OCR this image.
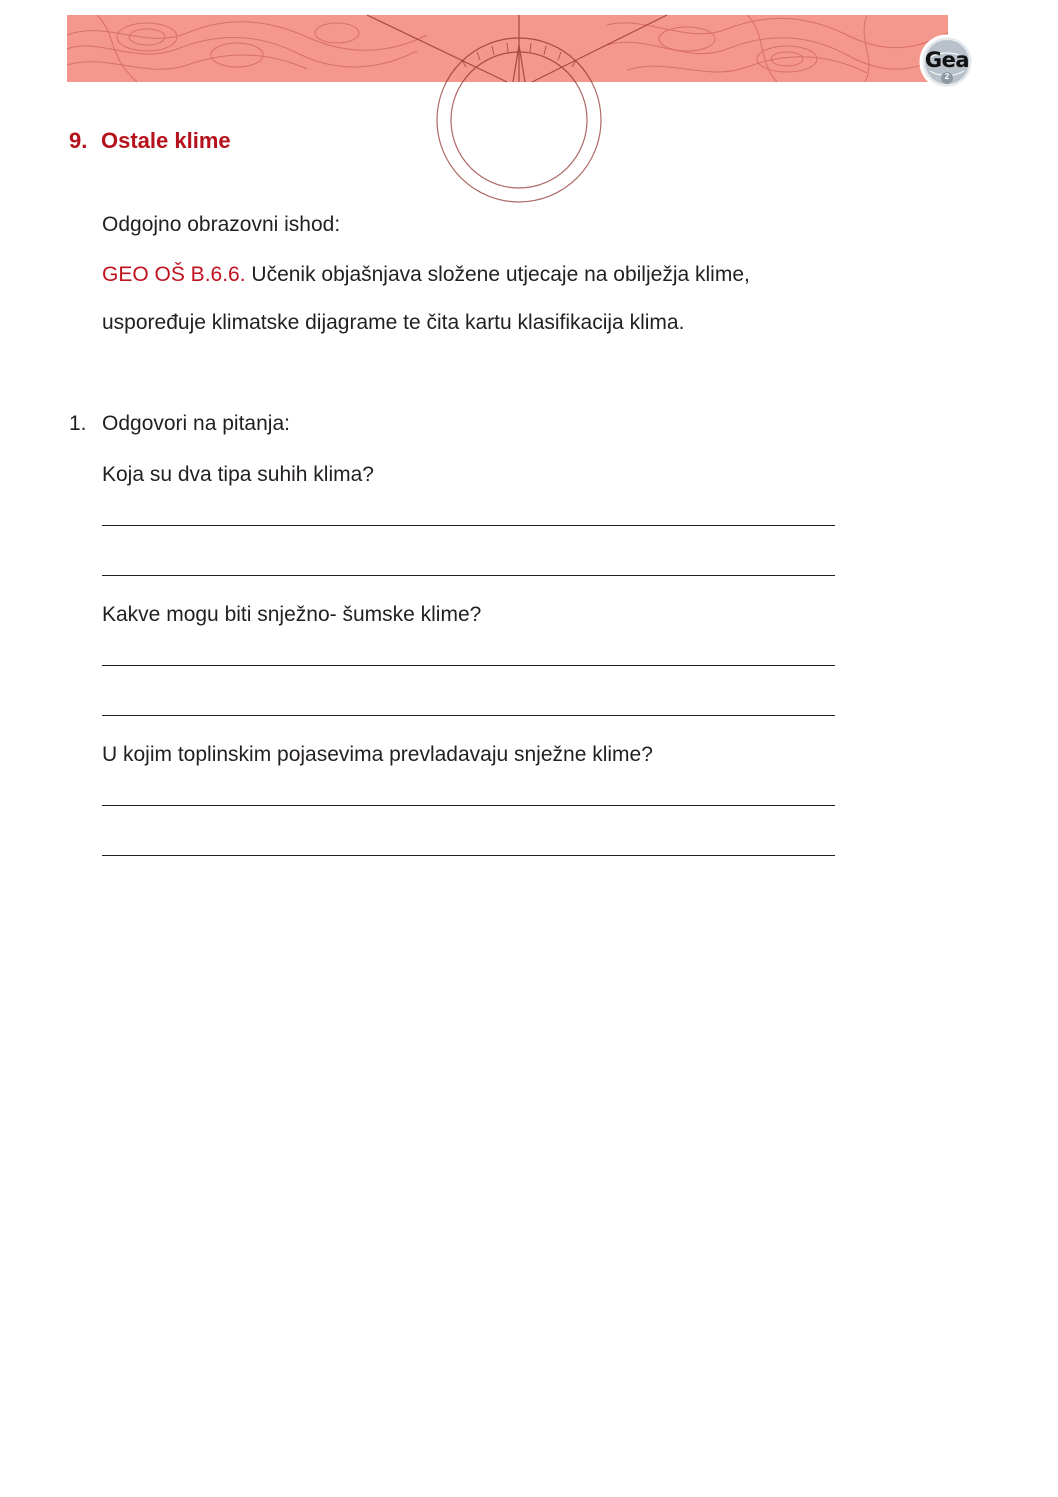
Gea
2
9. Ostale klime
Odgojno obrazovni ishod:
GEO OŠ B.6.6. Učenik objašnjava složene utjecaje na obilježja klime,
uspoređuje klimatske dijagrame te čita kartu klasifikacija klima.
1. Odgovori na pitanja:
Koja su dva tipa suhih klima?
Kakve mogu biti snježno- šumske klime?
U kojim toplinskim pojasevima prevladavaju snježne klime?
